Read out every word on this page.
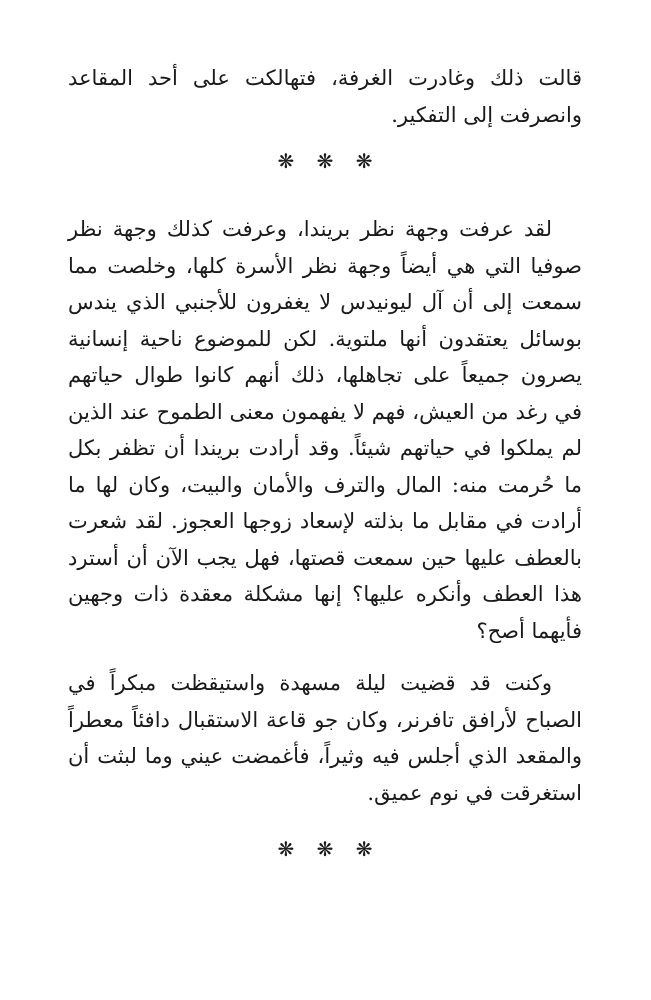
قالت ذلك وغادرت الغرفة، فتهالكت على أحد المقاعد
وانصرفت إلى التفكير.
❋ ❋ ❋
لقد عرفت وجهة نظر بريندا، وعرفت كذلك وجهة نظر
صوفيا التي هي أيضاً وجهة نظر الأسرة كلها، وخلصت مما
سمعت إلى أن آل ليونيدس لا يغفرون للأجنبي الذي يندس
بوسائل يعتقدون أنها ملتوية. لكن للموضوع ناحية إنسانية
يصرون جميعاً على تجاهلها، ذلك أنهم كانوا طوال حياتهم
في رغد من العيش، فهم لا يفهمون معنى الطموح عند الذين
لم يملكوا في حياتهم شيئاً. وقد أرادت بريندا أن تظفر بكل
ما حُرمت منه: المال والترف والأمان والبيت، وكان لها ما
أرادت في مقابل ما بذلته لإسعاد زوجها العجوز. لقد شعرت
بالعطف عليها حين سمعت قصتها، فهل يجب الآن أن أسترد
هذا العطف وأنكره عليها؟ إنها مشكلة معقدة ذات وجهين
فأيهما أصح؟
وكنت قد قضيت ليلة مسهدة واستيقظت مبكراً في
الصباح لأرافق تافرنر، وكان جو قاعة الاستقبال دافئاً معطراً
والمقعد الذي أجلس فيه وثيراً، فأغمضت عيني وما لبثت أن
استغرقت في نوم عميق.
❋ ❋ ❋
